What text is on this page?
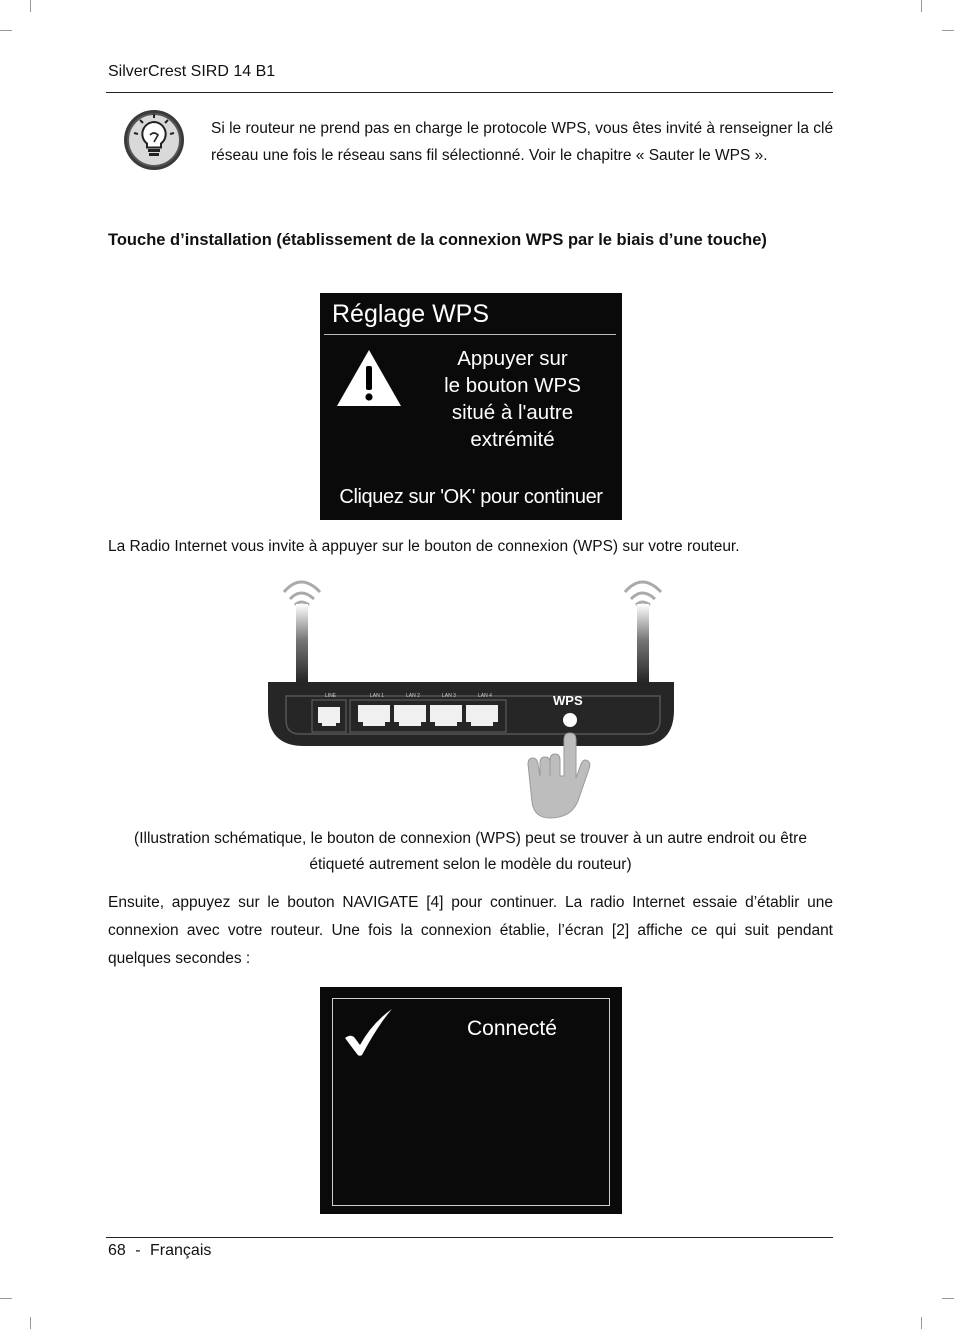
SilverCrest SIRD 14 B1
Si le routeur ne prend pas en charge le protocole WPS, vous êtes invité à renseigner la clé réseau une fois le réseau sans fil sélectionné. Voir le chapitre « Sauter le WPS ».
Touche d’installation (établissement de la connexion WPS par le biais d’une touche)
Réglage WPS
Appuyer sur
le bouton WPS
situé à l'autre
extrémité
Cliquez sur 'OK' pour continuer
La Radio Internet vous invite à appuyer sur le bouton de connexion (WPS) sur votre routeur.
LINE	LAN 1	LAN 2	LAN 3	LAN 4	WPS
(Illustration schématique, le bouton de connexion (WPS) peut se trouver à un autre endroit ou être
étiqueté autrement selon le modèle du routeur)
Ensuite, appuyez sur le bouton NAVIGATE [4] pour continuer. La radio Internet essaie d’établir une connexion avec votre routeur. Une fois la connexion établie, l’écran [2] affiche ce qui suit pendant quelques secondes :
Connecté
68 - Français
